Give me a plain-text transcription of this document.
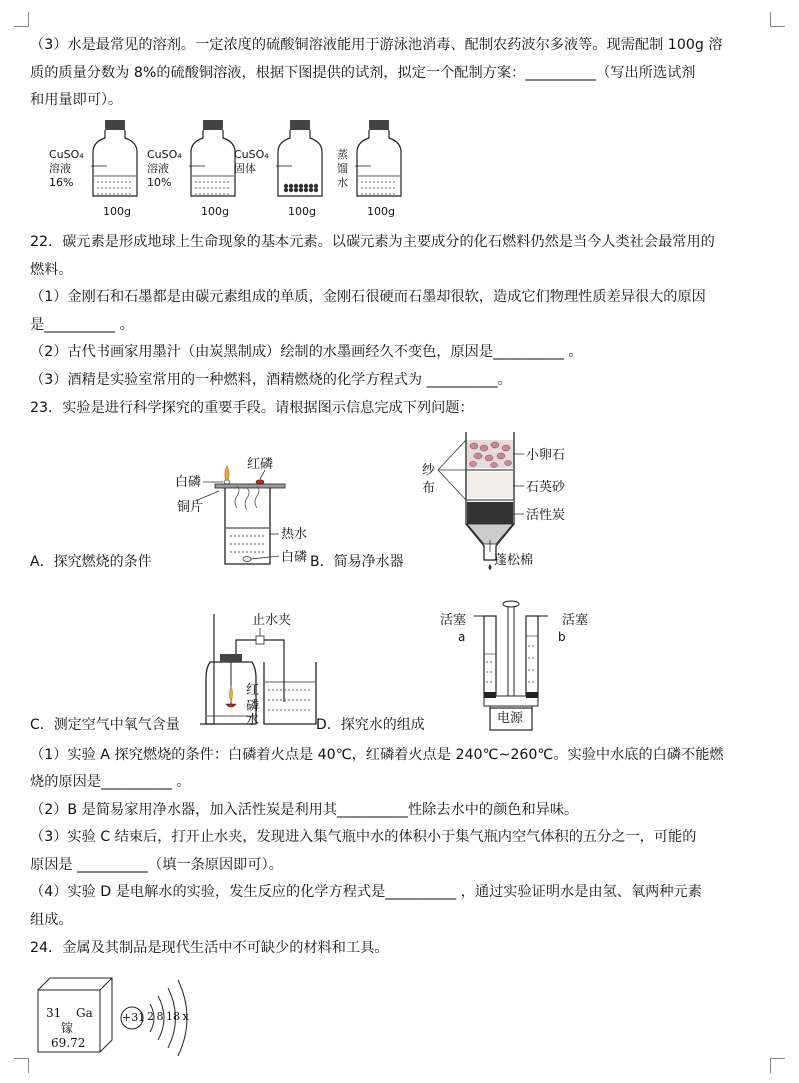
（3）水是最常见的溶剂。一定浓度的硫酸铜溶液能用于游泳池消毒、配制农药波尔多液等。现需配制 100g 溶
质的质量分数为 8%的硫酸铜溶液，根据下图提供的试剂，拟定一个配制方案：__________（写出所选试剂
和用量即可）。
CuSO₄
溶液
16%
100g
CuSO₄
溶液
10%
100g
CuSO₄
固体
100g
蒸
馏
水
100g
22．碳元素是形成地球上生命现象的基本元素。以碳元素为主要成分的化石燃料仍然是当今人类社会最常用的
燃料。
（1）金刚石和石墨都是由碳元素组成的单质，金刚石很硬而石墨却很软，造成它们物理性质差异很大的原因
是__________ 。
（2）古代书画家用墨汁（由炭黑制成）绘制的水墨画经久不变色，原因是__________ 。
（3）酒精是实验室常用的一种燃料，酒精燃烧的化学方程式为 __________。
23．实验是进行科学探究的重要手段。请根据图示信息完成下列问题：
红磷
白磷
铜片
热水
白磷
A．探究燃烧的条件	B．简易净水器
纱
布
小卵石
石英砂
活性炭
蓬松棉
止水夹
红
磷
水
C．测定空气中氧气含量	D．探究水的组成
活塞
a
活塞
b
电源
（1）实验 A 探究燃烧的条件：白磷着火点是 40℃，红磷着火点是 240℃~260℃。实验中水底的白磷不能燃
烧的原因是__________ 。
（2）B 是简易家用净水器，加入活性炭是利用其__________性除去水中的颜色和异味。
（3）实验 C 结束后，打开止水夹，发现进入集气瓶中水的体积小于集气瓶内空气体积的五分之一，可能的
原因是 __________（填一条原因即可）。
（4）实验 D 是电解水的实验，发生反应的化学方程式是__________ ，通过实验证明水是由氢、氧两种元素
组成。
24．金属及其制品是现代生活中不可缺少的材料和工具。
31 Ga
镓
69.72
+31 2 8 18 x
